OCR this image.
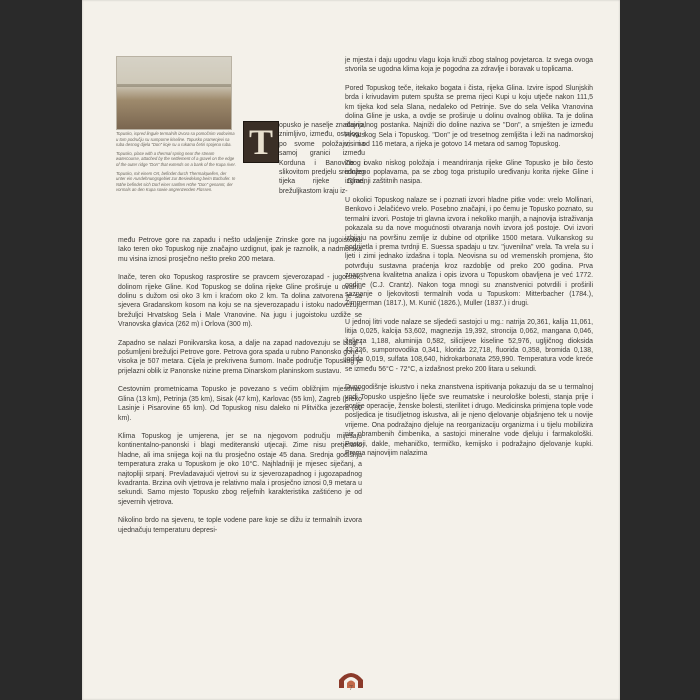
Topusko, ispred lingule termalnih izvora sa pomočnim vodovima u tom području su sumporne kiseline. Topusko pramenjevi sa ruba desnog dijela "Don" koje su u rukama četiri spojena ruba.

Topusko, place with a thermal spring near the stream watercourse, attached by the settlement of a gravel on the edge of the outer ridge "Don" that extends on a bank of the Kupa river.

Topusko, mit einem Ort, befindet durch Thermalquellen, der unter ein Ausdehnungsgebiet zur Besiedelung beim Bachufer. In Nähe befindet sich Dorf einer sanften Höhe "Don" genannt, der vormals an den Kupa sowie angrenzenden Flüssen.

T opusko je naselje značajno, znimljivo, između, ostalog, i po svome položaju; na samoj granici između Korduna i Banovine i slikovitom predjelu srednjeg tijeka rijeke Gline, brežuljkastom kraju iz-

među Petrove gore na zapadu i nešto udaljenije Zrinske gore na jugoistoku. Iako teren oko Topuskog nije značajno uzdignut, ipak je raznolik, a nadmorska mu visina iznosi prosječno nešto preko 200 metara.

Inače, teren oko Topuskog rasprostire se pravcem sjeverozapad - jugoistok, dolinom rijeke Gline. Kod Topuskog se dolina rijeke Gline proširuje u ovalnu dolinu s dužom osi oko 3 km i kraćom oko 2 km. Ta dolina zatvorena je sa sjevera Gradanskom kosom na koju se na sjeverozapadu i istoku nadovezuju brežuljci Hrvatskog Sela i Male Vranovine. Na jugu i jugoistoku uzdiže se Vranovska glavica (262 m) i Orlova (300 m).

Zapadno se nalazi Ponikvarska kosa, a dalje na zapad nadovezuju se blagi i pošumljeni brežuljci Petrove gore. Petrova gora spada u rubno Panonsko gorje i visoka je 507 metara. Cijela je prekrivena šumom. Inače područje Topuskog je prijelazni oblik iz Panonske nizine prema Dinarskom planinskom sustavu.

Cestovnim prometnicama Topusko je povezano s većim obližnjim mjestima: Glina (13 km), Petrinja (35 km), Sisak (47 km), Karlovac (55 km), Zagreb (preko Lasinje i Pisarovine 65 km). Od Topuskog nisu daleko ni Plitvička jezera (80 km).

Klima Topuskog je umjerena, jer se na njegovom području miješaju kontinentalno-panonski i blagi mediteranski utjecaji. Zime nisu pretjerano hladne, ali ima snijega koji na tlu prosječno ostaje 45 dana. Srednja godišnja temperatura zraka u Topuskom je oko 10°C. Najhladniji je mjesec siječanj, a najtopliji srpanj. Prevladavajući vjetrovi su iz sjeverozapadnog i jugozapadnog kvadranta. Brzina ovih vjetrova je relativno mala i prosječno iznosi 0,9 metara u sekundi. Samo mjesto Topusko zbog reljefnih karakteristika zaštićeno je od sjevernih vjetrova.

Nikolino brdo na sjeveru, te tople vodene pare koje se dižu iz termalnih izvora ujednačuju temperaturu depresi-

je mjesta i daju ugodnu vlagu koja kruži zbog stalnog povjetarca. Iz svega ovoga stvorila se ugodna klima koja je pogodna za zdravlje i boravak u toplicama.

Pored Topuskog teče, itekako bogata i čista, rijeka Glina. Izvire ispod Slunjskih brda i krivudavim putem spušta se prema rijeci Kupi u koju utječe nakon 111,5 km tijeka kod sela Slana, nedaleko od Petrinje. Sve do sela Velika Vranovina dolina Gline je uska, a ovdje se proširuje u dolinu ovalnog oblika. Ta je dolina aluvijalnog postanka. Najniži dio doline naziva se "Don", a smješten je između Hrvatskog Sela i Topuskog. "Don" je od tresetnog zemljišta i leži na nadmorskoj visini od 116 metara, a rijeka je gotovo 14 metara od samog Topuskog.

Zbog ovako niskog položaja i meandriranja rijeke Gline Topusko je bilo često izloženo poplavama, pa se zbog toga pristupilo uređivanju korita rijeke Gline i izgradnji zaštitnih nasipa.

U okolici Topuskog nalaze se i poznati izvori hladne pitke vode: vrelo Mollinari, Benkovo i Jelačićevo vrelo. Posebno značajni, i po čemu je Topusko poznato, su termalni izvori. Postoje tri glavna izvora i nekoliko manjih, a najnovija istraživanja pokazala su da nove mogućnosti otvaranja novih izvora još postoje. Ovi izvori izbijaju na površinu zemlje iz dubine od otprilike 1500 metara. Vulkanskog su podrijetla i prema tvrdnji E. Suessa spadaju u tzv. "juvenilna" vrela. Ta vrela su i ljeti i zimi jednako izdašna i topla. Neovisna su od vremenskih promjena, što potvrđuju sustavna praćenja kroz razdoblje od preko 200 godina. Prva znanstvena kvalitetna analiza i opis izvora u Topuskom obavljena je već 1772. godine (C.J. Crantz). Nakon toga mnogi su znanstvenici potvrdili i proširili saznanje o ljekovitosti termalnih voda u Topuskom: Mitterbacher (1784.), Zimmerman (1817.), M. Kunić (1826.), Muller (1837.) i drugi.

U jednoj litri vode nalaze se sljedeći sastojci u mg.: natrija 20,361, kalija 11,061, litija 0,025, kalcija 53,602, magnezija 19,392, stroncija 0,062, mangana 0,046, željeza 1,188, aluminija 0,582, silicijeve kiseline 52,976, ugljičnog dioksida 42,326, sumporovodika 0,341, klorida 22,718, fluorida 0,358, bromida 0,138, jodida 0,019, sulfata 108,640, hidrokarbonata 259,990. Temperatura vode kreće se između 56°C - 72°C, a izdašnost preko 200 litara u sekundi.

Dugogodišnje iskustvo i neka znanstvena ispitivanja pokazuju da se u termalnoj vodi Topusko uspješno liječe sve reumatske i neurološke bolesti, stanja prije i poslije operacije, ženske bolesti, sterilitet i drugo. Medicinska primjena tople vode posljedica je tisućljetnog iskustva, ali je njeno djelovanje objašnjeno tek u novije vrijeme. Ona podražajno djeluje na reorganizaciju organizma i u tijelu mobilizira niz obrambenih čimbenika, a sastojci mineralne vode djeluju i farmakološki. Postoji, dakle, mehaničko, termičko, kemijsko i podražajno djelovanje kupki. Prema najnovijim nalazima

7
